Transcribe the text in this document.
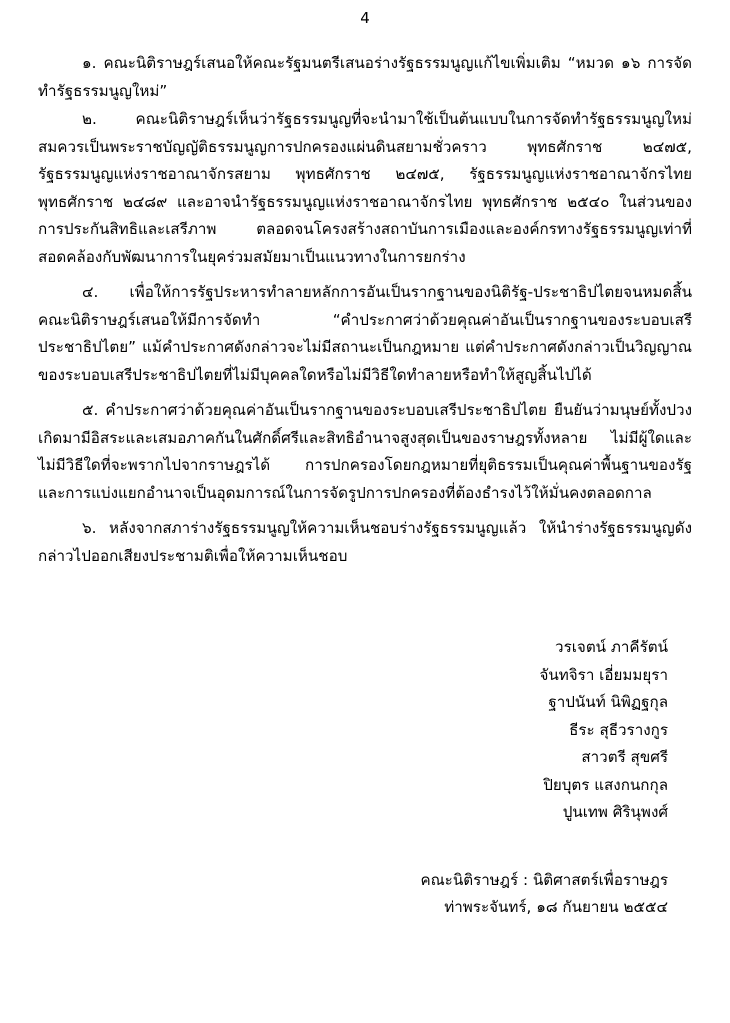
4

๑. คณะนิติราษฎร์เสนอให้คณะรัฐมนตรีเสนอร่างรัฐธรรมนูญแก้ไขเพิ่มเติม “หมวด ๑๖ การจัดทำรัฐธรรมนูญใหม่”

๒. คณะนิติราษฎร์เห็นว่ารัฐธรรมนูญที่จะนำมาใช้เป็นต้นแบบในการจัดทำรัฐธรรมนูญใหม่ สมควรเป็นพระราชบัญญัติธรรมนูญการปกครองแผ่นดินสยามชั่วคราว พุทธศักราช ๒๔๗๕, รัฐธรรมนูญแห่งราชอาณาจักรสยาม พุทธศักราช ๒๔๗๕, รัฐธรรมนูญแห่งราชอาณาจักรไทย พุทธศักราช ๒๔๘๙ และอาจนำรัฐธรรมนูญแห่งราชอาณาจักรไทย พุทธศักราช ๒๕๔๐ ในส่วนของการประกันสิทธิและเสรีภาพ ตลอดจนโครงสร้างสถาบันการเมืองและองค์กรทางรัฐธรรมนูญเท่าที่สอดคล้องกับพัฒนาการในยุคร่วมสมัยมาเป็นแนวทางในการยกร่าง

๔. เพื่อให้การรัฐประหารทำลายหลักการอันเป็นรากฐานของนิติรัฐ-ประชาธิปไตยจนหมดสิ้น คณะนิติราษฎร์เสนอให้มีการจัดทำ “คำประกาศว่าด้วยคุณค่าอันเป็นรากฐานของระบอบเสรีประชาธิปไตย” แม้คำประกาศดังกล่าวจะไม่มีสถานะเป็นกฎหมาย แต่คำประกาศดังกล่าวเป็นวิญญาณของระบอบเสรีประชาธิปไตยที่ไม่มีบุคคลใดหรือไม่มีวิธีใดทำลายหรือทำให้สูญสิ้นไปได้

๕. คำประกาศว่าด้วยคุณค่าอันเป็นรากฐานของระบอบเสรีประชาธิปไตย ยืนยันว่ามนุษย์ทั้งปวงเกิดมามีอิสระและเสมอภาคกันในศักดิ์ศรีและสิทธิอำนาจสูงสุดเป็นของราษฎรทั้งหลาย ไม่มีผู้ใดและไม่มีวิธีใดที่จะพรากไปจากราษฎรได้ การปกครองโดยกฎหมายที่ยุติธรรมเป็นคุณค่าพื้นฐานของรัฐ และการแบ่งแยกอำนาจเป็นอุดมการณ์ในการจัดรูปการปกครองที่ต้องธำรงไว้ให้มั่นคงตลอดกาล

๖. หลังจากสภาร่างรัฐธรรมนูญให้ความเห็นชอบร่างรัฐธรรมนูญแล้ว ให้นำร่างรัฐธรรมนูญดังกล่าวไปออกเสียงประชามติเพื่อให้ความเห็นชอบ

วรเจตน์ ภาคีรัตน์
จันทจิรา เอี่ยมมยุรา
ฐาปนันท์ นิพิฏฐกุล
ธีระ สุธีวรางกูร
สาวตรี สุขศรี
ปิยบุตร แสงกนกกุล
ปูนเทพ ศิรินุพงศ์
คณะนิติราษฎร์ : นิติศาสตร์เพื่อราษฎร
ท่าพระจันทร์, ๑๘ กันยายน ๒๕๕๔
